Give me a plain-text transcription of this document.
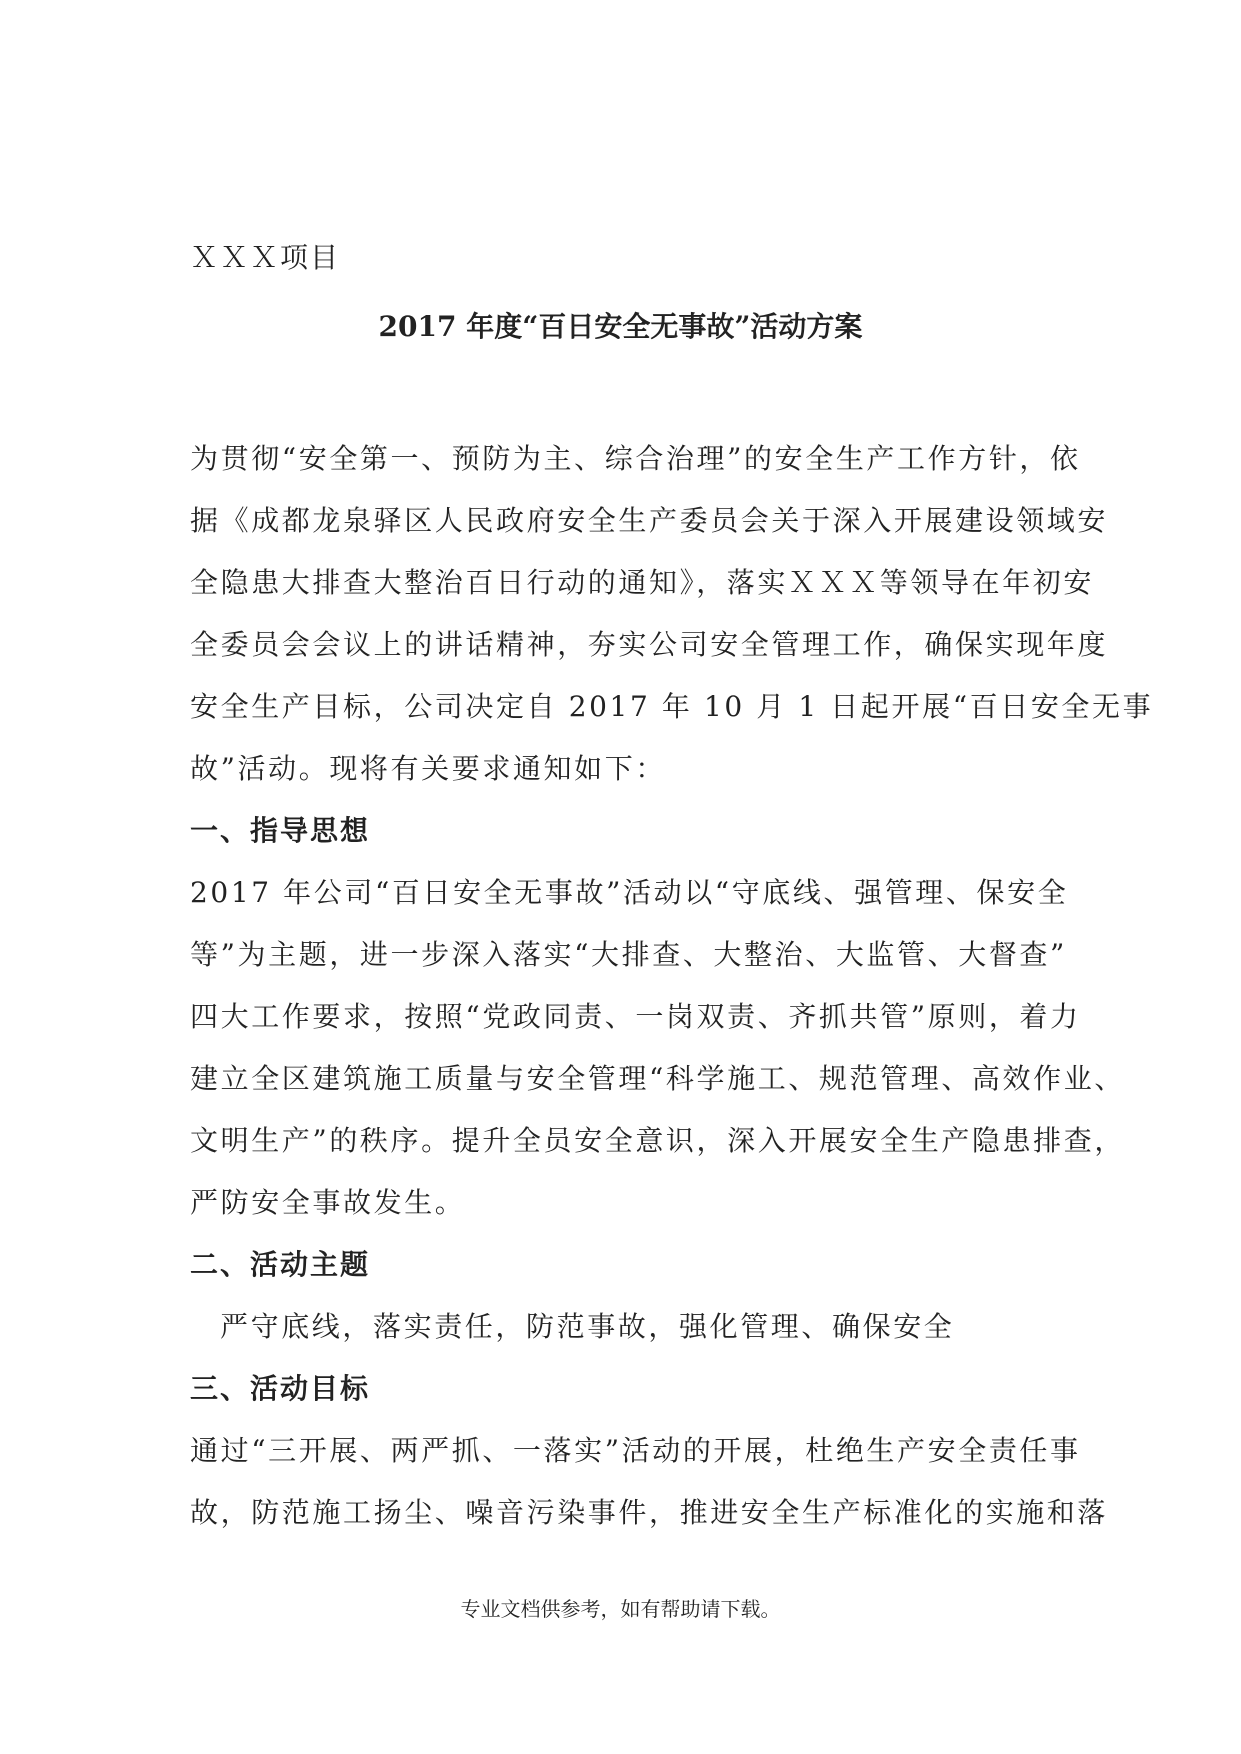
ＸＸＸ项目
2017 年度“百日安全无事故”活动方案
为贯彻“安全第一、预防为主、综合治理”的安全生产工作方针，依
据《成都龙泉驿区人民政府安全生产委员会关于深入开展建设领域安
全隐患大排查大整治百日行动的通知》，落实ＸＸＸ等领导在年初安
全委员会会议上的讲话精神，夯实公司安全管理工作，确保实现年度
安全生产目标，公司决定自 2017 年 10 月 1 日起开展“百日安全无事
故”活动。现将有关要求通知如下：
一、指导思想
2017 年公司“百日安全无事故”活动以“守底线、强管理、保安全
等”为主题，进一步深入落实“大排查、大整治、大监管、大督查”
四大工作要求，按照“党政同责、一岗双责、齐抓共管”原则，着力
建立全区建筑施工质量与安全管理“科学施工、规范管理、高效作业、
文明生产”的秩序。提升全员安全意识，深入开展安全生产隐患排查，
严防安全事故发生。
二、活动主题
严守底线，落实责任，防范事故，强化管理、确保安全
三、活动目标
通过“三开展、两严抓、一落实”活动的开展，杜绝生产安全责任事
故，防范施工扬尘、噪音污染事件，推进安全生产标准化的实施和落
专业文档供参考，如有帮助请下载。
